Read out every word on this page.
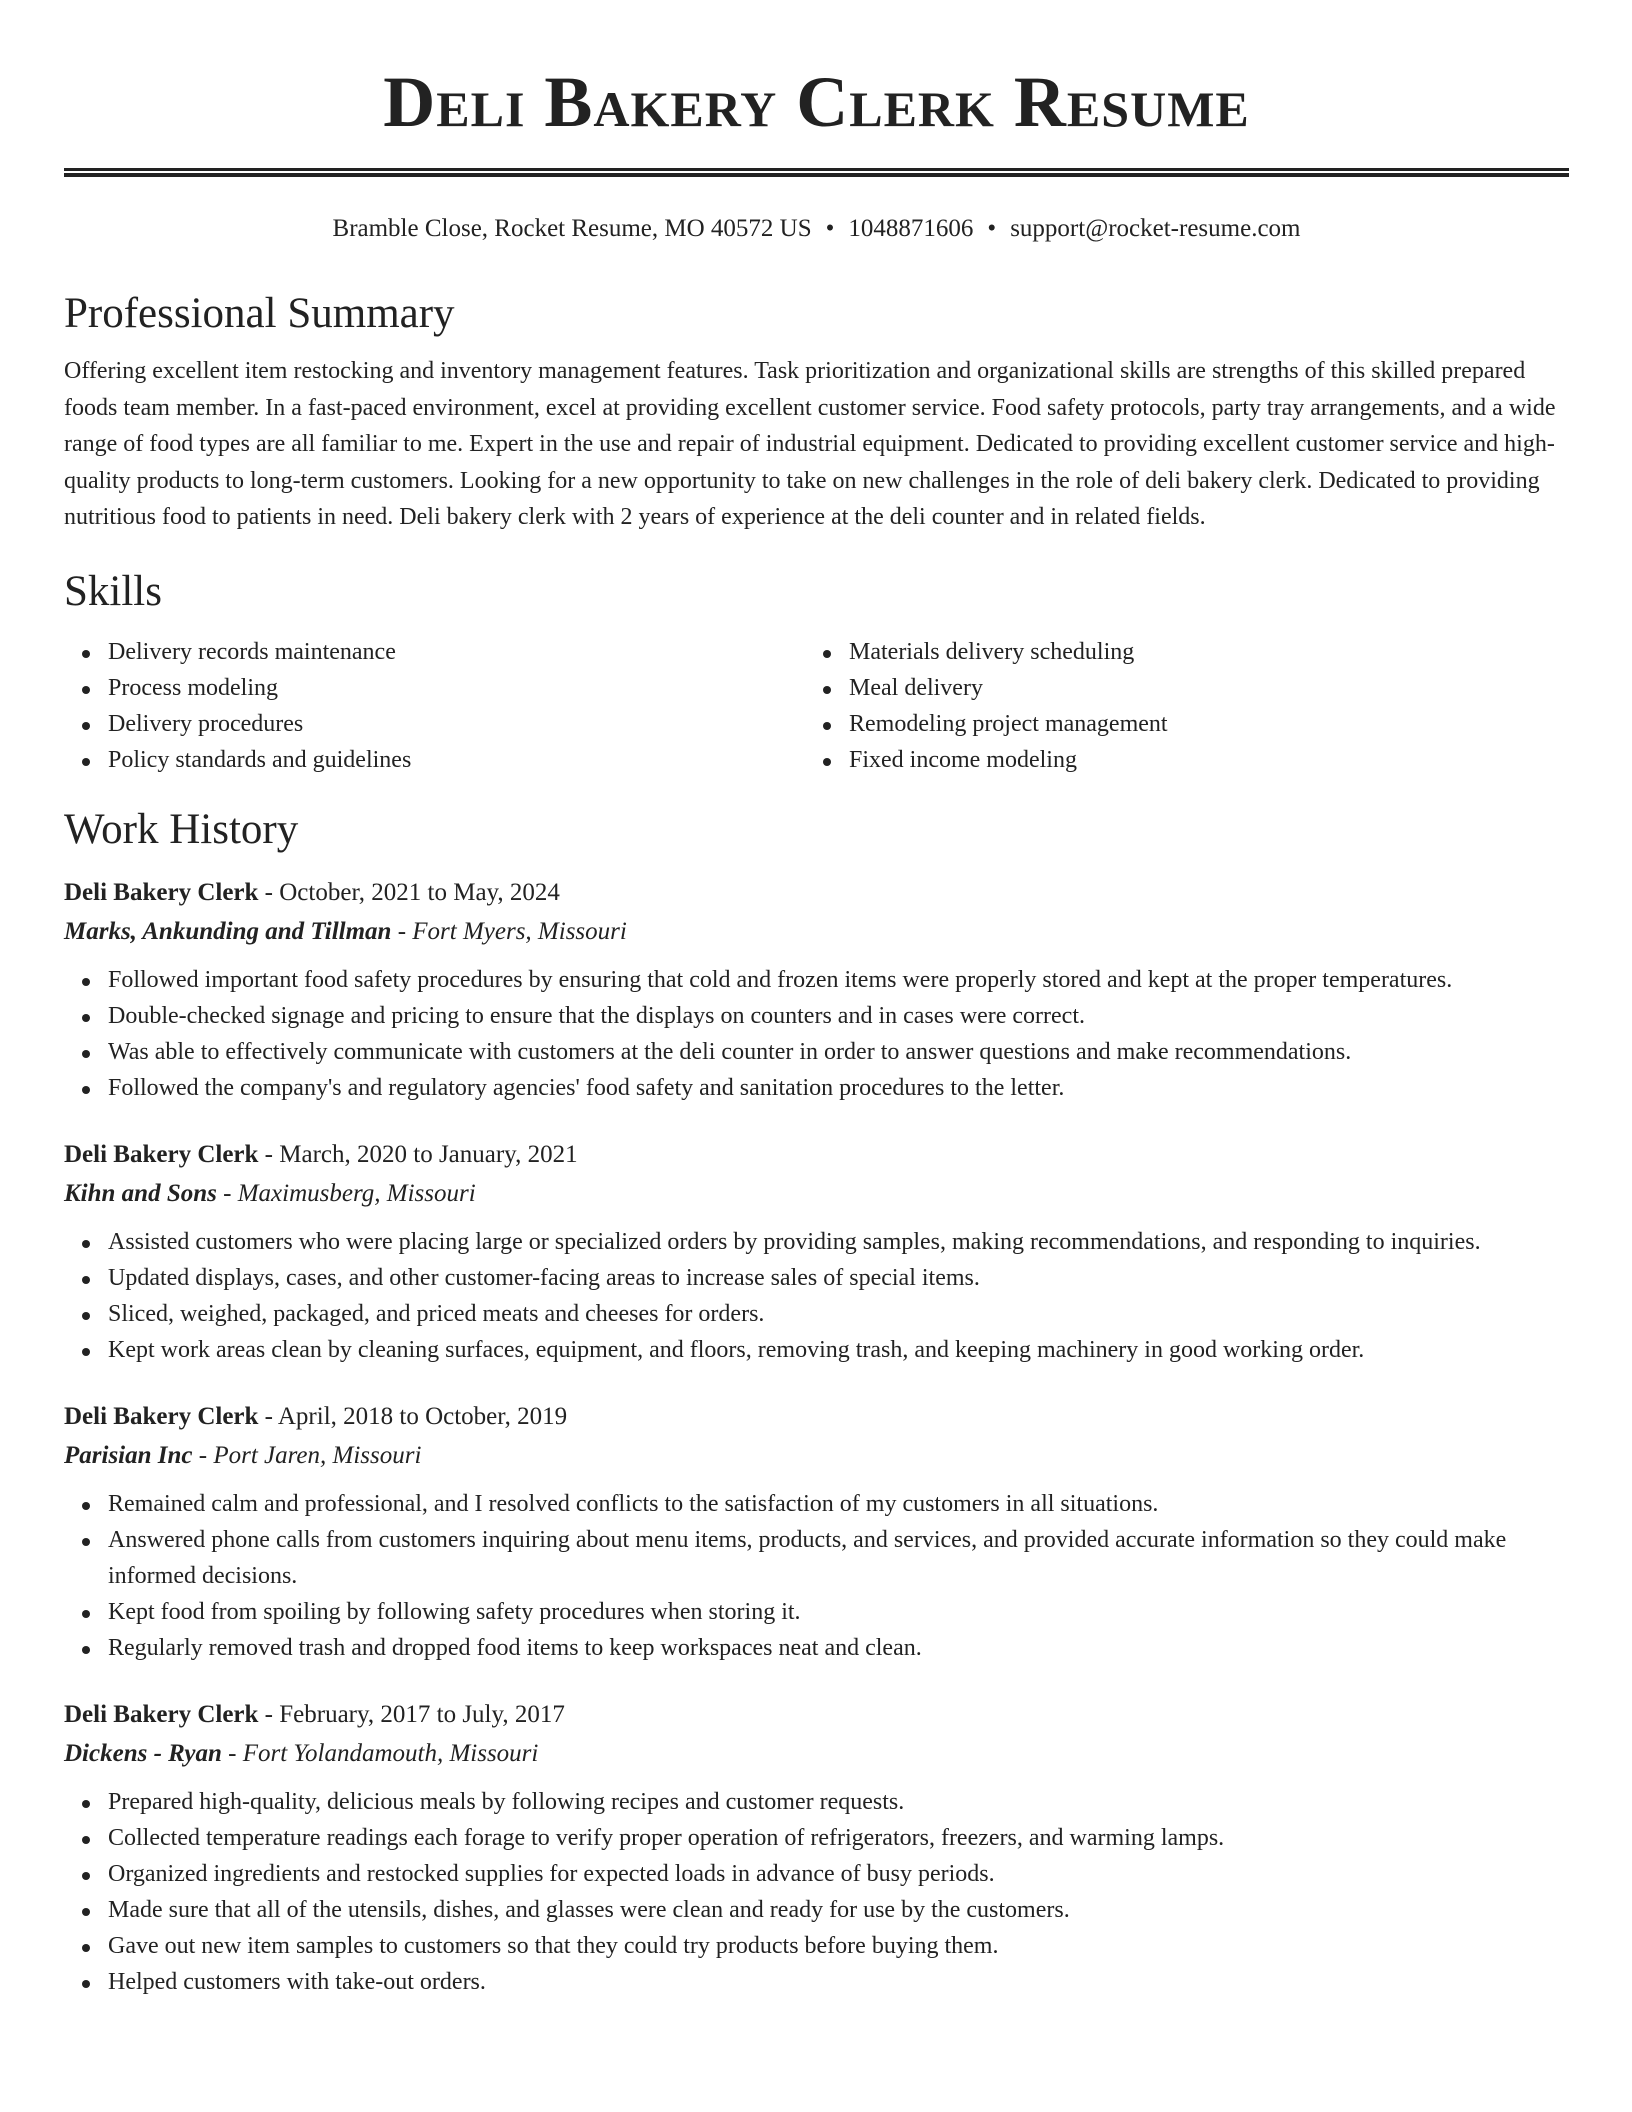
Deli Bakery Clerk Resume
Bramble Close, Rocket Resume, MO 40572 US • 1048871606 • support@rocket-resume.com
Professional Summary

Offering excellent item restocking and inventory management features. Task prioritization and organizational skills are strengths of this skilled prepared foods team member. In a fast-paced environment, excel at providing excellent customer service. Food safety protocols, party tray arrangements, and a wide range of food types are all familiar to me. Expert in the use and repair of industrial equipment. Dedicated to providing excellent customer service and high-quality products to long-term customers. Looking for a new opportunity to take on new challenges in the role of deli bakery clerk. Dedicated to providing nutritious food to patients in need. Deli bakery clerk with 2 years of experience at the deli counter and in related fields.

Skills
Delivery records maintenance
Process modeling
Delivery procedures
Policy standards and guidelines
Materials delivery scheduling
Meal delivery
Remodeling project management
Fixed income modeling
Work History
Deli Bakery Clerk - October, 2021 to May, 2024
Marks, Ankunding and Tillman - Fort Myers, Missouri
Followed important food safety procedures by ensuring that cold and frozen items were properly stored and kept at the proper temperatures.
Double-checked signage and pricing to ensure that the displays on counters and in cases were correct.
Was able to effectively communicate with customers at the deli counter in order to answer questions and make recommendations.
Followed the company's and regulatory agencies' food safety and sanitation procedures to the letter.
Deli Bakery Clerk - March, 2020 to January, 2021
Kihn and Sons - Maximusberg, Missouri
Assisted customers who were placing large or specialized orders by providing samples, making recommendations, and responding to inquiries.
Updated displays, cases, and other customer-facing areas to increase sales of special items.
Sliced, weighed, packaged, and priced meats and cheeses for orders.
Kept work areas clean by cleaning surfaces, equipment, and floors, removing trash, and keeping machinery in good working order.
Deli Bakery Clerk - April, 2018 to October, 2019
Parisian Inc - Port Jaren, Missouri
Remained calm and professional, and I resolved conflicts to the satisfaction of my customers in all situations.
Answered phone calls from customers inquiring about menu items, products, and services, and provided accurate information so they could make informed decisions.
Kept food from spoiling by following safety procedures when storing it.
Regularly removed trash and dropped food items to keep workspaces neat and clean.
Deli Bakery Clerk - February, 2017 to July, 2017
Dickens - Ryan - Fort Yolandamouth, Missouri
Prepared high-quality, delicious meals by following recipes and customer requests.
Collected temperature readings each forage to verify proper operation of refrigerators, freezers, and warming lamps.
Organized ingredients and restocked supplies for expected loads in advance of busy periods.
Made sure that all of the utensils, dishes, and glasses were clean and ready for use by the customers.
Gave out new item samples to customers so that they could try products before buying them.
Helped customers with take-out orders.
